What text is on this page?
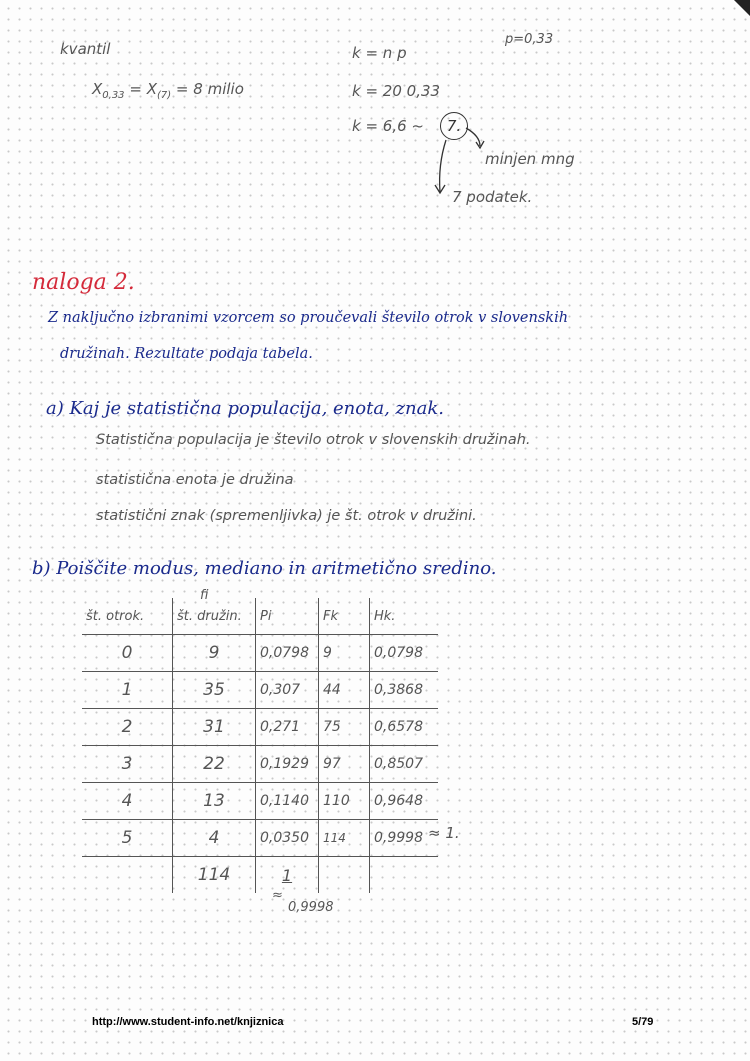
kvantil
$X_{0,33} = X_{(7)} = 8$ milio
p=0,33
k = n p
k = 20 0,33
k = 6,6 ~	7.
minjen mng
7 podatek.
naloga 2.
Z naključno izbranimi vzorcem so proučevali število otrok v slovenskih
družinah. Rezultate podaja tabela.
a) Kaj je statistična populacija, enota, znak.
Statistična populacija je število otrok v slovenskih družinah.
statistična enota je družina
statistični znak (spremenljivka) je št. otrok v družini.
b) Poiščite modus, mediano in aritmetično sredino.
fi
št. otrok.	št. družin.	Pi	Fk	Hk.
0	9	0,0798	9	0,0798
1	35	0,307	44	0,3868
2	31	0,271	75	0,6578
3	22	0,1929	97	0,8507
4	13	0,1140	110	0,9648
5	4	0,0350	114	0,9998
	114	1		
≈ 1.
≈
0,9998
http://www.student-info.net/knjiznica	5/79
